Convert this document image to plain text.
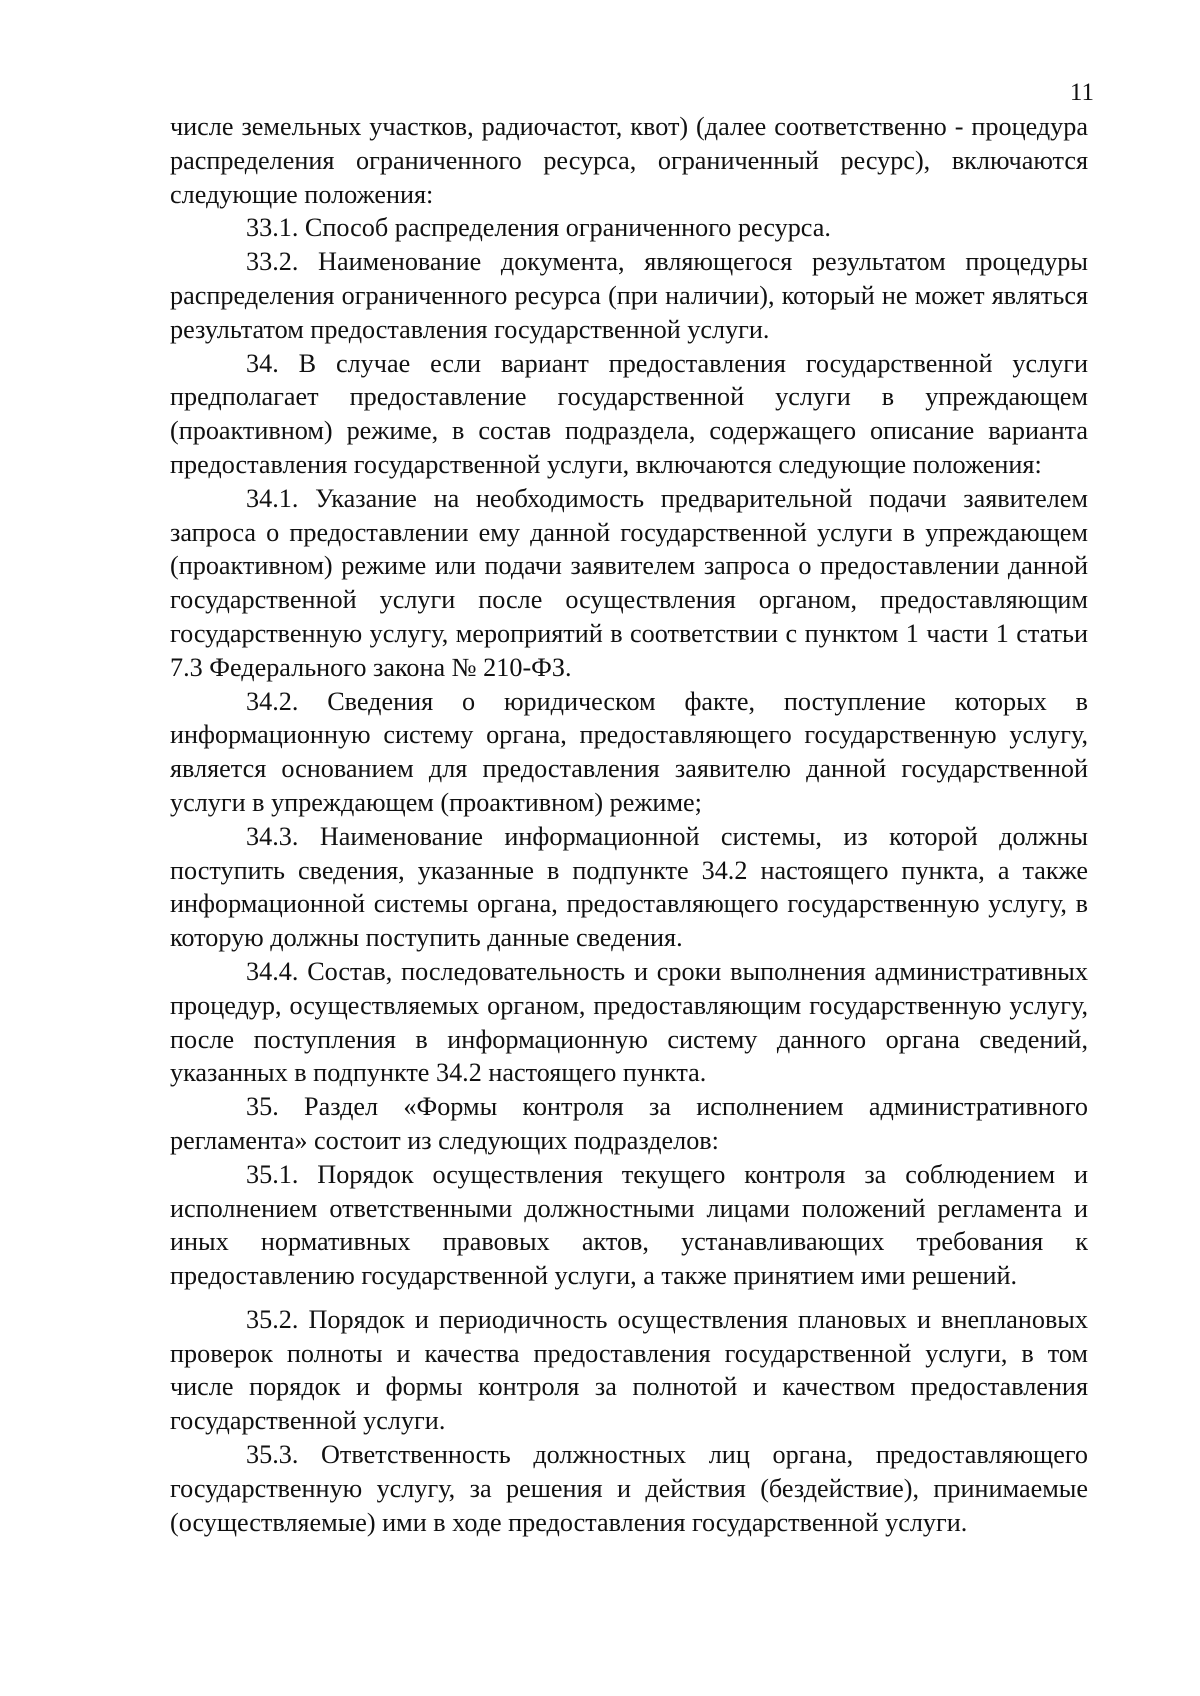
11

числе земельных участков, радиочастот, квот) (далее соответственно - процедура распределения ограниченного ресурса, ограниченный ресурс), включаются следующие положения:

33.1. Способ распределения ограниченного ресурса.

33.2. Наименование документа, являющегося результатом процедуры распределения ограниченного ресурса (при наличии), который не может являться результатом предоставления государственной услуги.

34. В случае если вариант предоставления государственной услуги предполагает предоставление государственной услуги в упреждающем (проактивном) режиме, в состав подраздела, содержащего описание варианта предоставления государственной услуги, включаются следующие положения:

34.1. Указание на необходимость предварительной подачи заявителем запроса о предоставлении ему данной государственной услуги в упреждающем (проактивном) режиме или подачи заявителем запроса о предоставлении данной государственной услуги после осуществления органом, предоставляющим государственную услугу, мероприятий в соответствии с пунктом 1 части 1 статьи 7.3 Федерального закона № 210-ФЗ.

34.2. Сведения о юридическом факте, поступление которых в информационную систему органа, предоставляющего государственную услугу, является основанием для предоставления заявителю данной государственной услуги в упреждающем (проактивном) режиме;

34.3. Наименование информационной системы, из которой должны поступить сведения, указанные в подпункте 34.2 настоящего пункта, а также информационной системы органа, предоставляющего государственную услугу, в которую должны поступить данные сведения.

34.4. Состав, последовательность и сроки выполнения административных процедур, осуществляемых органом, предоставляющим государственную услугу, после поступления в информационную систему данного органа сведений, указанных в подпункте 34.2 настоящего пункта.

35. Раздел «Формы контроля за исполнением административного регламента» состоит из следующих подразделов:

35.1. Порядок осуществления текущего контроля за соблюдением и исполнением ответственными должностными лицами положений регламента и иных нормативных правовых актов, устанавливающих требования к предоставлению государственной услуги, а также принятием ими решений.

35.2. Порядок и периодичность осуществления плановых и внеплановых проверок полноты и качества предоставления государственной услуги, в том числе порядок и формы контроля за полнотой и качеством предоставления государственной услуги.

35.3. Ответственность должностных лиц органа, предоставляющего государственную услугу, за решения и действия (бездействие), принимаемые (осуществляемые) ими в ходе предоставления государственной услуги.
